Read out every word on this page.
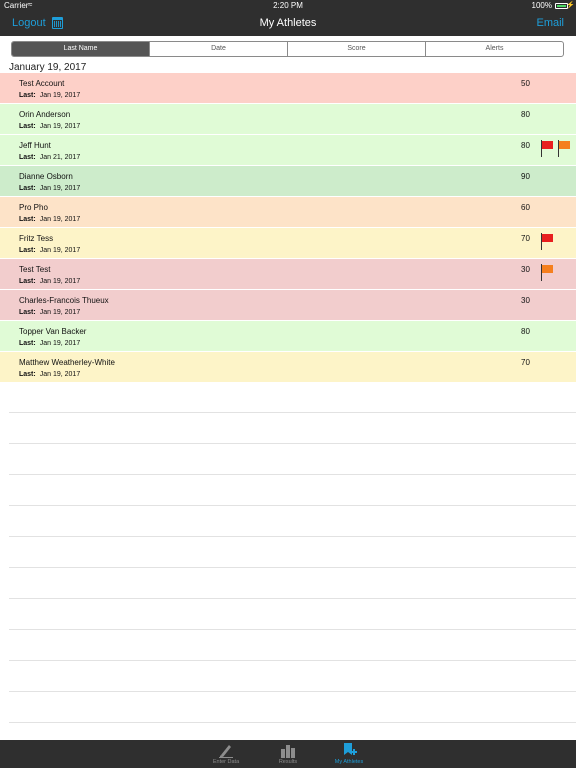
Carrier ≈	2:20 PM	100% ⚡
Logout	My Athletes	Email
Last Name	Date	Score	Alerts
January 19, 2017
Test Account
Last: Jan 19, 2017
50
Orin Anderson
Last: Jan 19, 2017
80
Jeff Hunt
Last: Jan 21, 2017
80
Dianne Osborn
Last: Jan 19, 2017
90
Pro Pho
Last: Jan 19, 2017
60
Fritz Tess
Last: Jan 19, 2017
70
Test Test
Last: Jan 19, 2017
30
Charles-Francois Thueux
Last: Jan 19, 2017
30
Topper Van Backer
Last: Jan 19, 2017
80
Matthew Weatherley-White
Last: Jan 19, 2017
70
Enter Data	Results	My Athletes
